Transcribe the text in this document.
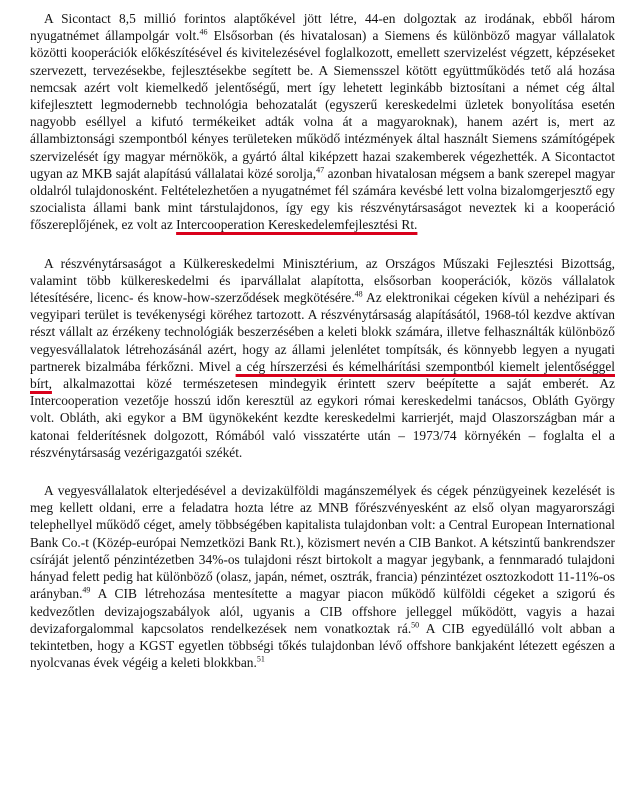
A Sicontact 8,5 millió forintos alaptőkével jött létre, 44-en dolgoztak az irodának, ebből három nyugatnémet állampolgár volt.$^{46}$ Elsősorban (és hivatalosan) a Siemens és különböző magyar vállalatok közötti kooperációk előkészítésével és kivitelezésével foglalkozott, emellett szervizelést végzett, képzéseket szervezett, tervezésekbe, fejlesztésekbe segített be. A Siemensszel kötött együttműködés tető alá hozása nemcsak azért volt kiemelkedő jelentőségű, mert így lehetett leginkább biztosítani a német cég által kifejlesztett legmodernebb technológia behozatalát (egyszerű kereskedelmi üzletek bonyolítása esetén nagyobb eséllyel a kifutó termékeiket adták volna át a magyaroknak), hanem azért is, mert az állambiztonsági szempontból kényes területeken működő intézmények által használt Siemens számítógépek szervizelését így magyar mérnökök, a gyártó által kiképzett hazai szakemberek végezhették. A Sicontactot ugyan az MKB saját alapítású vállalatai közé sorolja,$^{47}$ azonban hivatalosan mégsem a bank szerepel magyar oldalról tulajdonosként. Feltételezhetően a nyugatnémet fél számára kevésbé lett volna bizalomgerjesztő egy szocialista állami bank mint társtulajdonos, így egy kis részvénytársaságot neveztek ki a kooperáció főszereplőjének, ez volt az Intercooperation Kereskedelemfejlesztési Rt.

A részvénytársaságot a Külkereskedelmi Minisztérium, az Országos Műszaki Fejlesztési Bizottság, valamint több külkereskedelmi és iparvállalat alapította, elsősorban kooperációk, közös vállalatok létesítésére, licenc- és know-how-szerződések megkötésére.$^{48}$ Az elektronikai cégeken kívül a nehézipari és vegyipari terület is tevékenységi köréhez tartozott. A részvénytársaság alapításától, 1968-tól kezdve aktívan részt vállalt az érzékeny technológiák beszerzésében a keleti blokk számára, illetve felhasználták különböző vegyesvállalatok létrehozásánál azért, hogy az állami jelenlétet tompítsák, és könnyebb legyen a nyugati partnerek bizalmába férkőzni. Mivel a cég hírszerzési és kémelhárítási szempontból kiemelt jelentőséggel bírt, alkalmazottai közé természetesen mindegyik érintett szerv beépítette a saját emberét. Az Intercooperation vezetője hosszú időn keresztül az egykori római kereskedelmi tanácsos, Obláth György volt. Obláth, aki egykor a BM ügynökeként kezdte kereskedelmi karrierjét, majd Olaszországban már a katonai felderítésnek dolgozott, Rómából való visszatérte után – 1973/74 környékén – foglalta el a részvénytársaság vezérigazgatói székét.

A vegyesvállalatok elterjedésével a devizakülföldi magánszemélyek és cégek pénzügyeinek kezelését is meg kellett oldani, erre a feladatra hozta létre az MNB főrészvényesként az első olyan magyarországi telephellyel működő céget, amely többségében kapitalista tulajdonban volt: a Central European International Bank Co.-t (Közép-európai Nemzetközi Bank Rt.), közismert nevén a CIB Bankot. A kétszintű bankrendszer csíráját jelentő pénzintézetben 34%-os tulajdoni részt birtokolt a magyar jegybank, a fennmaradó tulajdoni hányad felett pedig hat különböző (olasz, japán, német, osztrák, francia) pénzintézet osztozkodott 11-11%-os arányban.$^{49}$ A CIB létrehozása mentesítette a magyar piacon működő külföldi cégeket a szigorú és kedvezőtlen devizajogszabályok alól, ugyanis a CIB offshore jelleggel működött, vagyis a hazai devizaforgalommal kapcsolatos rendelkezések nem vonatkoztak rá.$^{50}$ A CIB egyedülálló volt abban a tekintetben, hogy a KGST egyetlen többségi tőkés tulajdonban lévő offshore bankjaként létezett egészen a nyolcvanas évek végéig a keleti blokkban.$^{51}$
